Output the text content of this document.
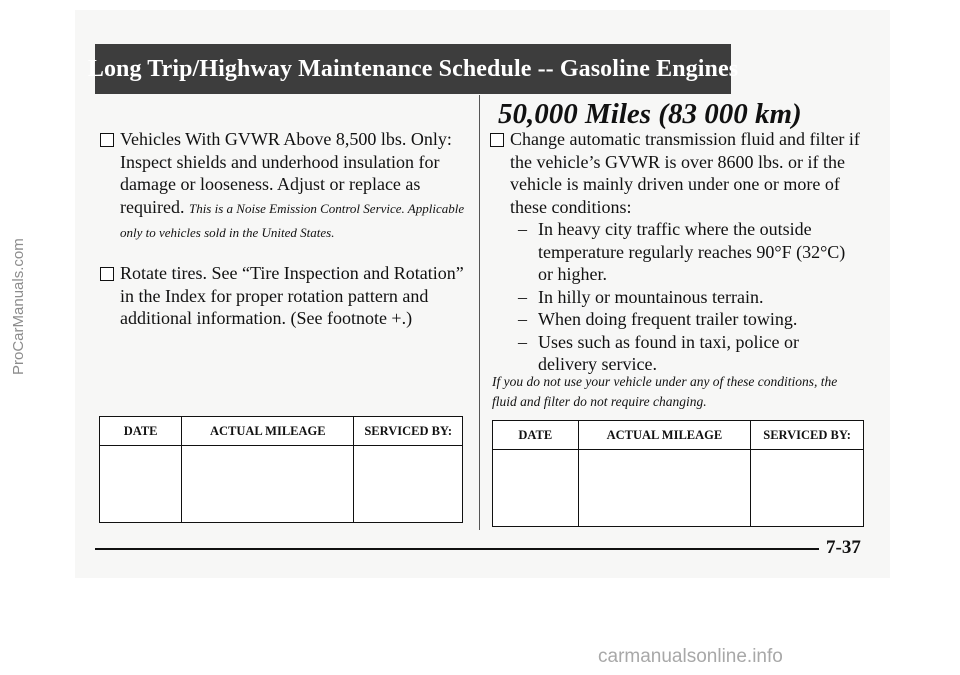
Long Trip/Highway Maintenance Schedule -- Gasoline Engines
Vehicles With GVWR Above 8,500 lbs. Only: Inspect shields and underhood insulation for damage or looseness. Adjust or replace as required. This is a Noise Emission Control Service. Applicable only to vehicles sold in the United States.
Rotate tires. See “Tire Inspection and Rotation” in the Index for proper rotation pattern and additional information. (See footnote +.)
DATE	ACTUAL MILEAGE	SERVICED BY:

50,000 Miles (83 000 km)
Change automatic transmission fluid and filter if the vehicle’s GVWR is over 8600 lbs. or if the vehicle is mainly driven under one or more of these conditions:
– In heavy city traffic where the outside temperature regularly reaches 90°F (32°C) or higher.
– In hilly or mountainous terrain.
– When doing frequent trailer towing.
– Uses such as found in taxi, police or delivery service.
If you do not use your vehicle under any of these conditions, the fluid and filter do not require changing.
DATE	ACTUAL MILEAGE	SERVICED BY:

7-37
ProCarManuals.com
carmanualsonline.info
